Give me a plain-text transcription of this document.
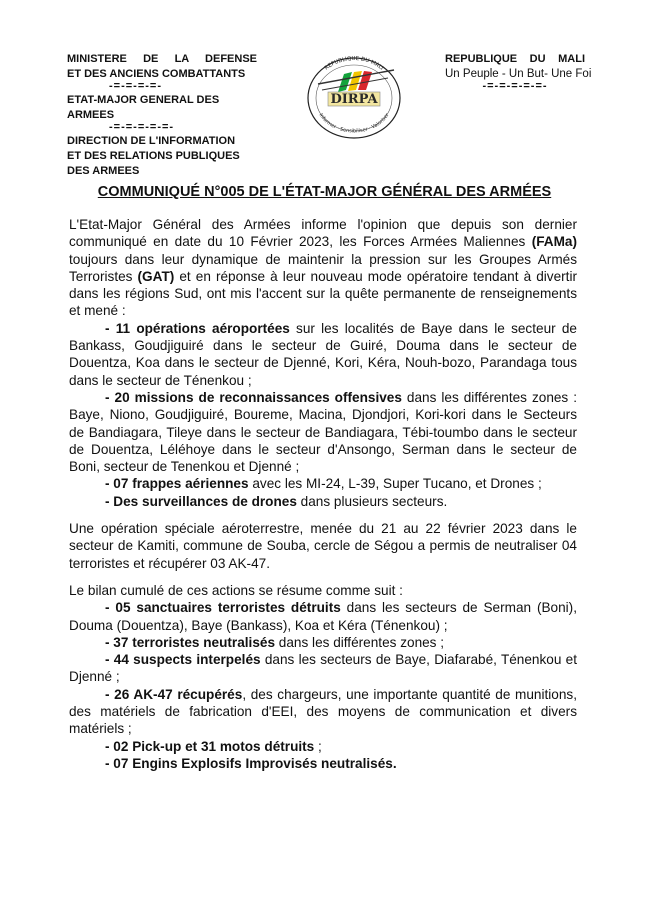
MINISTERE DE LA DEFENSE
ET DES ANCIENS COMBATTANTS
-=-=-=-=-
ETAT-MAJOR GENERAL DES ARMEES
-=-=-=-=-=-
DIRECTION DE L'INFORMATION
ET DES RELATIONS PUBLIQUES
DES ARMEES
REPUBLIQUE DU MALI
Informer · Sensibiliser · Valoriser
DIRPA
REPUBLIQUE DU MALI
Un Peuple - Un But- Une Foi
-=-=-=-=-=-
COMMUNIQUÉ N°005 DE L'ÉTAT-MAJOR GÉNÉRAL DES ARMÉES

L'Etat-Major Général des Armées informe l'opinion que depuis son dernier communiqué en date du 10 Février 2023, les Forces Armées Maliennes (FAMa) toujours dans leur dynamique de maintenir la pression sur les Groupes Armés Terroristes (GAT) et en réponse à leur nouveau mode opératoire tendant à divertir dans les régions Sud, ont mis l'accent sur la quête permanente de renseignements et mené :

- 11 opérations aéroportées sur les localités de Baye dans le secteur de Bankass, Goudjiguiré dans le secteur de Guiré, Douma dans le secteur de Douentza, Koa dans le secteur de Djenné, Kori, Kéra, Nouh-bozo, Parandaga tous dans le secteur de Ténenkou ;

- 20 missions de reconnaissances offensives dans les différentes zones : Baye, Niono, Goudjiguiré, Boureme, Macina, Djondjori, Kori-kori dans le Secteurs de Bandiagara, Tileye dans le secteur de Bandiagara, Tébi-toumbo dans le secteur de Douentza, Léléhoye dans le secteur d'Ansongo, Serman dans le secteur de Boni, secteur de Tenenkou et Djenné ;

- 07 frappes aériennes avec les MI-24, L-39, Super Tucano, et Drones ;

- Des surveillances de drones dans plusieurs secteurs.

Une opération spéciale aéroterrestre, menée du 21 au 22 février 2023 dans le secteur de Kamiti, commune de Souba, cercle de Ségou a permis de neutraliser 04 terroristes et récupérer 03 AK-47.

Le bilan cumulé de ces actions se résume comme suit :

- 05 sanctuaires terroristes détruits dans les secteurs de Serman (Boni), Douma (Douentza), Baye (Bankass), Koa et Kéra (Ténenkou) ;

- 37 terroristes neutralisés dans les différentes zones ;

- 44 suspects interpelés dans les secteurs de Baye, Diafarabé, Ténenkou et Djenné ;

- 26 AK-47 récupérés, des chargeurs, une importante quantité de munitions, des matériels de fabrication d'EEI, des moyens de communication et divers matériels ;

- 02 Pick-up et 31 motos détruits ;

- 07 Engins Explosifs Improvisés neutralisés.
